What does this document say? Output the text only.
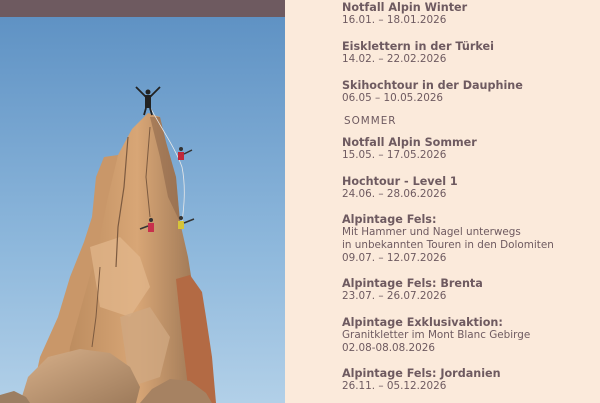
Notfall Alpin Winter
16.01. – 18.01.2026
Eisklettern in der Türkei
14.02. – 22.02.2026
Skihochtour in der Dauphine
06.05 – 10.05.2026
SOMMER
Notfall Alpin Sommer
15.05. – 17.05.2026
Hochtour - Level 1
24.06. – 28.06.2026
Alpintage Fels:
Mit Hammer und Nagel unterwegs
in unbekannten Touren in den Dolomiten
09.07. – 12.07.2026
Alpintage Fels: Brenta
23.07. – 26.07.2026
Alpintage Exklusivaktion:
Granitkletter im Mont Blanc Gebirge
02.08-08.08.2026
Alpintage Fels: Jordanien
26.11. – 05.12.2026
